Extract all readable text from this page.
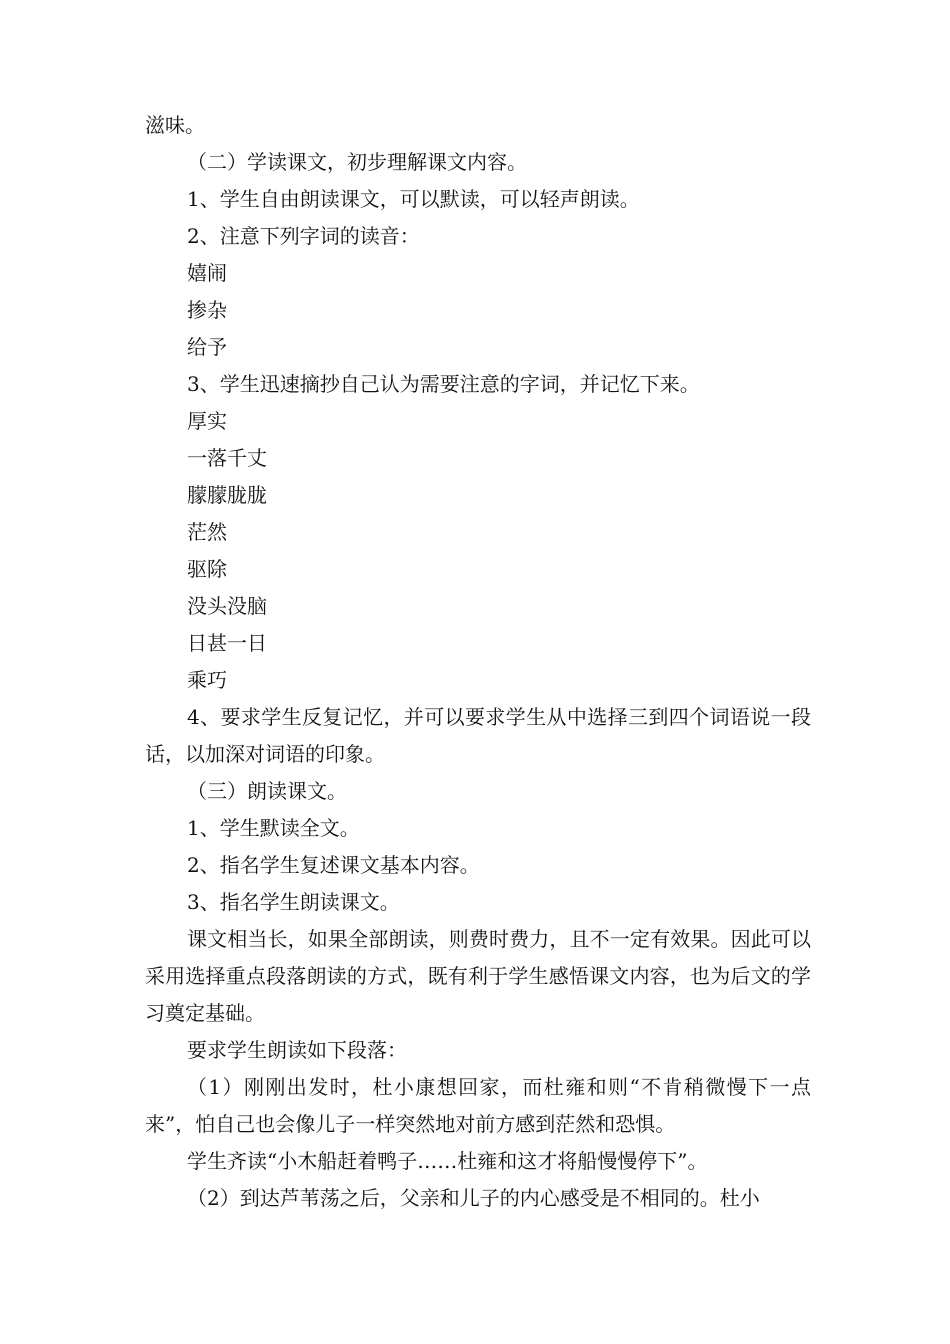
滋味。

（二）学读课文，初步理解课文内容。

1、学生自由朗读课文，可以默读，可以轻声朗读。

2、注意下列字词的读音：

嬉闹

掺杂

给予

3、学生迅速摘抄自己认为需要注意的字词，并记忆下来。

厚实

一落千丈

朦朦胧胧

茫然

驱除

没头没脑

日甚一日

乘巧

4、要求学生反复记忆，并可以要求学生从中选择三到四个词语说一段话，以加深对词语的印象。

（三）朗读课文。

1、学生默读全文。

2、指名学生复述课文基本内容。

3、指名学生朗读课文。

课文相当长，如果全部朗读，则费时费力，且不一定有效果。因此可以采用选择重点段落朗读的方式，既有利于学生感悟课文内容，也为后文的学习奠定基础。

要求学生朗读如下段落：

（1）刚刚出发时，杜小康想回家，而杜雍和则“不肯稍微慢下一点来”，怕自己也会像儿子一样突然地对前方感到茫然和恐惧。

学生齐读“小木船赶着鸭子……杜雍和这才将船慢慢停下”。

（2）到达芦苇荡之后，父亲和儿子的内心感受是不相同的。杜小
